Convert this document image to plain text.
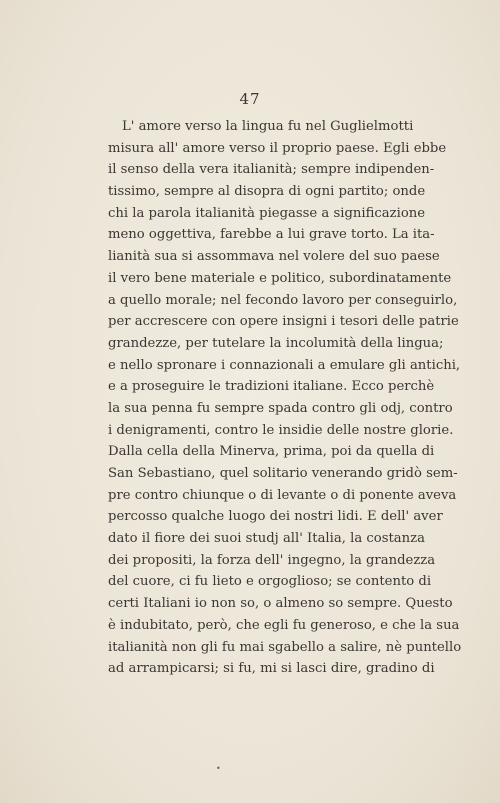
47
L' amore verso la lingua fu nel Guglielmotti
misura all' amore verso il proprio paese. Egli ebbe
il senso della vera italianità; sempre indipenden-
tissimo, sempre al disopra di ogni partito; onde
chi la parola italianità piegasse a significazione
meno oggettiva, farebbe a lui grave torto. La ita-
lianità sua si assommava nel volere del suo paese
il vero bene materiale e politico, subordinatamente
a quello morale; nel fecondo lavoro per conseguirlo,
per accrescere con opere insigni i tesori delle patrie
grandezze, per tutelare la incolumità della lingua;
e nello spronare i connazionali a emulare gli antichi,
e a proseguire le tradizioni italiane. Ecco perchè
la sua penna fu sempre spada contro gli odj, contro
i denigramenti, contro le insidie delle nostre glorie.
Dalla cella della Minerva, prima, poi da quella di
San Sebastiano, quel solitario venerando gridò sem-
pre contro chiunque o di levante o di ponente aveva
percosso qualche luogo dei nostri lidi. E dell' aver
dato il fiore dei suoi studj all' Italia, la costanza
dei propositi, la forza dell' ingegno, la grandezza
del cuore, ci fu lieto e orgoglioso; se contento di
certi Italiani io non so, o almeno so sempre. Questo
è indubitato, però, che egli fu generoso, e che la sua
italianità non gli fu mai sgabello a salire, nè puntello
ad arrampicarsi; si fu, mi si lasci dire, gradino di
•
